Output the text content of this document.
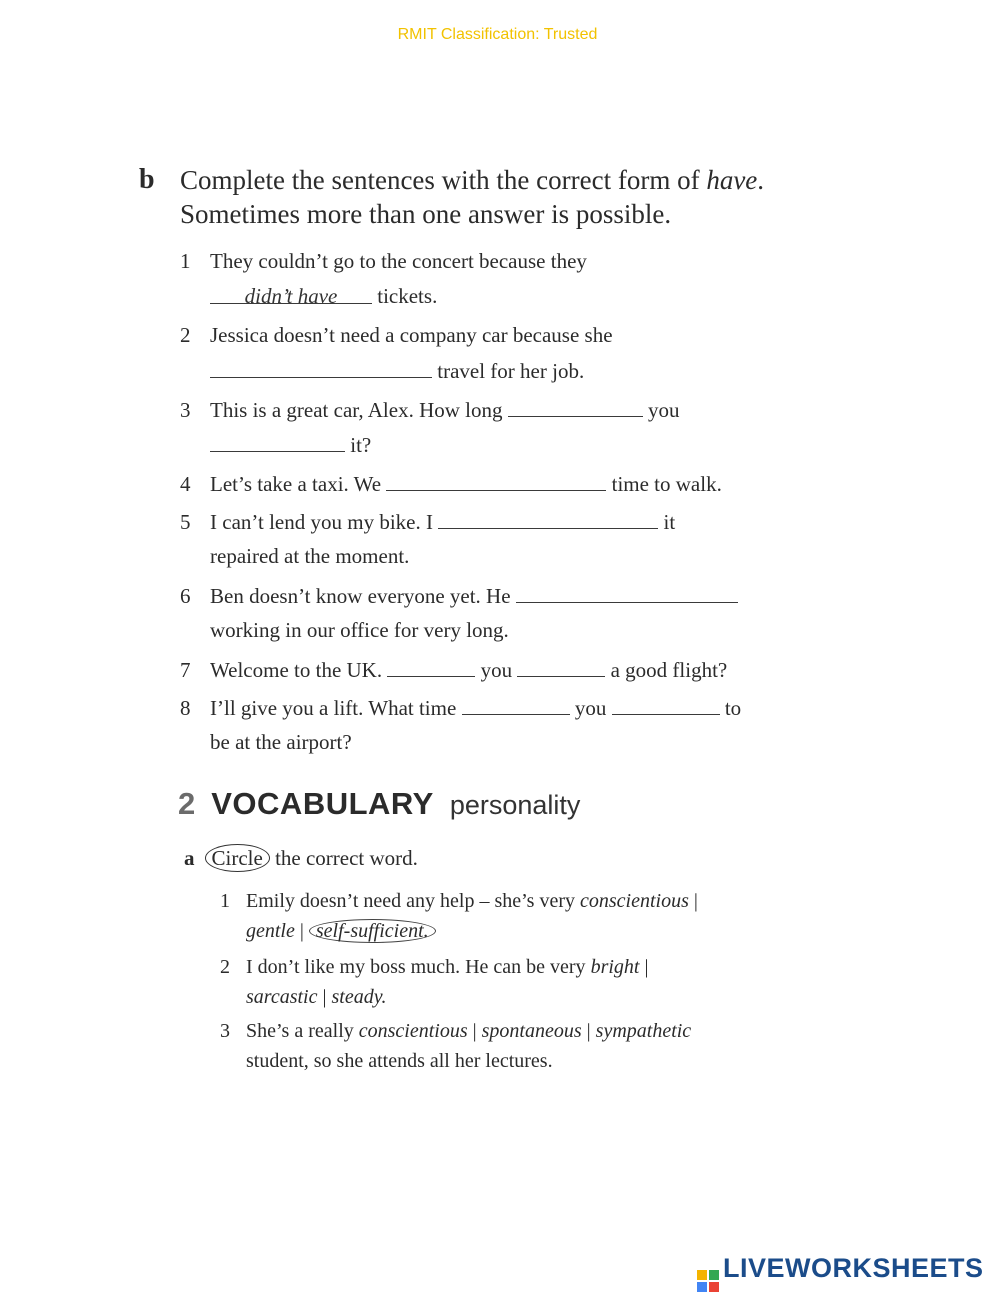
RMIT Classification: Trusted
b Complete the sentences with the correct form of have.
Sometimes more than one answer is possible.
1 They couldn’t go to the concert because they
didn’t have tickets.
2 Jessica doesn’t need a company car because she
travel for her job.
3 This is a great car, Alex. How long	you
it?
4 Let’s take a taxi. We	time to walk.
5 I can’t lend you my bike. I	it
repaired at the moment.
6 Ben doesn’t know everyone yet. He
working in our office for very long.
7 Welcome to the UK.	you	a good flight?
8 I’ll give you a lift. What time	you	to
be at the airport?
2 VOCABULARY personality
a Circle the correct word.
1 Emily doesn’t need any help – she’s very conscientious |
gentle | self-sufficient.
2 I don’t like my boss much. He can be very bright |
sarcastic | steady.
3 She’s a really conscientious | spontaneous | sympathetic
student, so she attends all her lectures.
LIVEWORKSHEETS
